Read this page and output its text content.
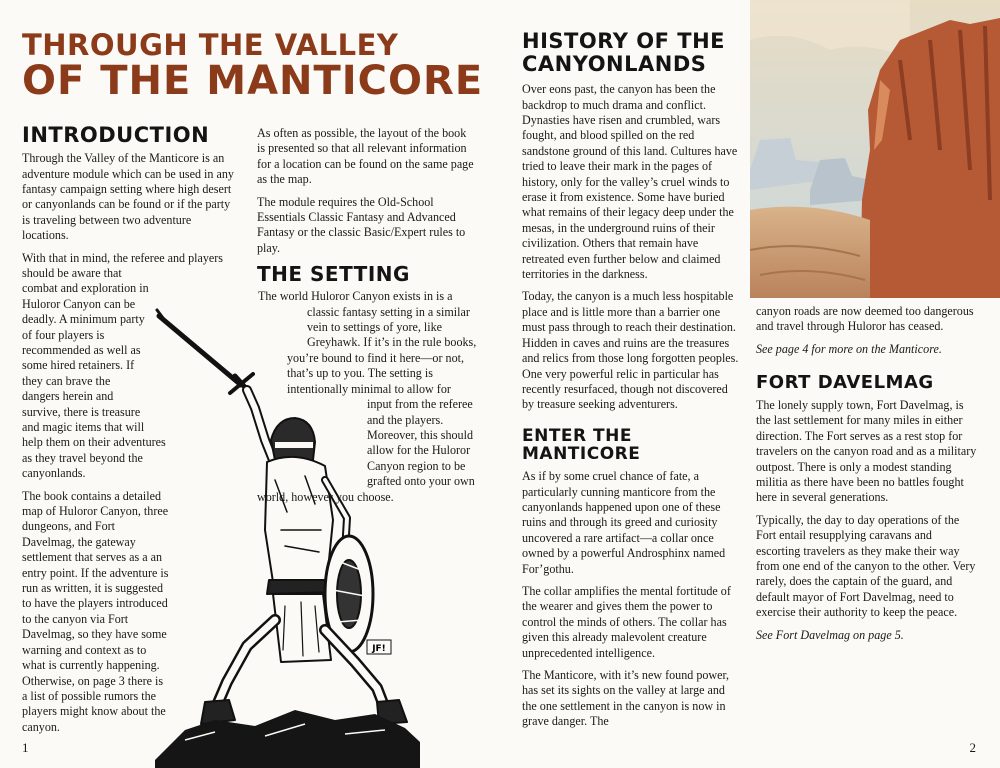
THROUGH THE VALLEY
OF THE MANTICORE
JF!
INTRODUCTION

Through the Valley of the Manticore is an adventure module which can be used in any fantasy campaign setting where high desert or canyonlands can be found or if the party is traveling between two adventure locations.

With that in mind, the referee and players should be aware that combat and exploration in Huloror Canyon can be deadly. A minimum party of four players is recommended as well as some hired retainers. If they can brave the dangers herein and survive, there is treasure and magic items that will help them on their adventures as they travel beyond the canyonlands.

The book contains a detailed map of Huloror Canyon, three dungeons, and Fort Davelmag, the gateway settlement that serves as a an entry point. If the adventure is run as written, it is suggested to have the players introduced to the canyon via Fort Davelmag, so they have some warning and context as to what is currently happening. Otherwise, on page 3 there is a list of possible rumors the players might know about the canyon.

As often as possible, the layout of the book is presented so that all relevant information for a location can be found on the same page as the map.

The module requires the Old-School Essentials Classic Fantasy and Advanced Fantasy or the classic Basic/Expert rules to play.

THE SETTING

The world Huloror Canyon exists in is a classic fantasy setting in a similar vein to settings of yore, like Greyhawk. If it’s in the rule books, you’re bound to find it here—or not, that’s up to you. The setting is intentionally minimal to allow for input from the referee and the players. Moreover, this should allow for the Huloror Canyon region to be grafted onto your own world, however you choose.

1
HISTORY OF THE
CANYONLANDS

Over eons past, the canyon has been the backdrop to much drama and conflict. Dynasties have risen and crumbled, wars fought, and blood spilled on the red sandstone ground of this land. Cultures have tried to leave their mark in the pages of history, only for the valley’s cruel winds to erase it from existence. Some have buried what remains of their legacy deep under the mesas, in the underground ruins of their civilization. Others that remain have retreated even further below and claimed territories in the darkness.

Today, the canyon is a much less hospitable place and is little more than a barrier one must pass through to reach their destination. Hidden in caves and ruins are the treasures and relics from those long forgotten peoples. One very powerful relic in particular has recently resurfaced, though not discovered by treasure seeking adventurers.

ENTER THE MANTICORE

As if by some cruel chance of fate, a particularly cunning manticore from the canyonlands happened upon one of these ruins and through its greed and curiosity uncovered a rare artifact—a collar once owned by a powerful Androsphinx named For’gothu.

The collar amplifies the mental fortitude of the wearer and gives them the power to control the minds of others. The collar has given this already malevolent creature unprecedented intelligence.

The Manticore, with it’s new found power, has set its sights on the valley at large and the one settlement in the canyon is now in grave danger. The

canyon roads are now deemed too dangerous and travel through Huloror has ceased.

See page 4 for more on the Manticore.

FORT DAVELMAG

The lonely supply town, Fort Davelmag, is the last settlement for many miles in either direction. The Fort serves as a rest stop for travelers on the canyon road and as a military outpost. There is only a modest standing militia as there have been no battles fought here in several generations.

Typically, the day to day operations of the Fort entail resupplying caravans and escorting travelers as they make their way from one end of the canyon to the other. Very rarely, does the captain of the guard, and default mayor of Fort Davelmag, need to exercise their authority to keep the peace.

See Fort Davelmag on page 5.

2
